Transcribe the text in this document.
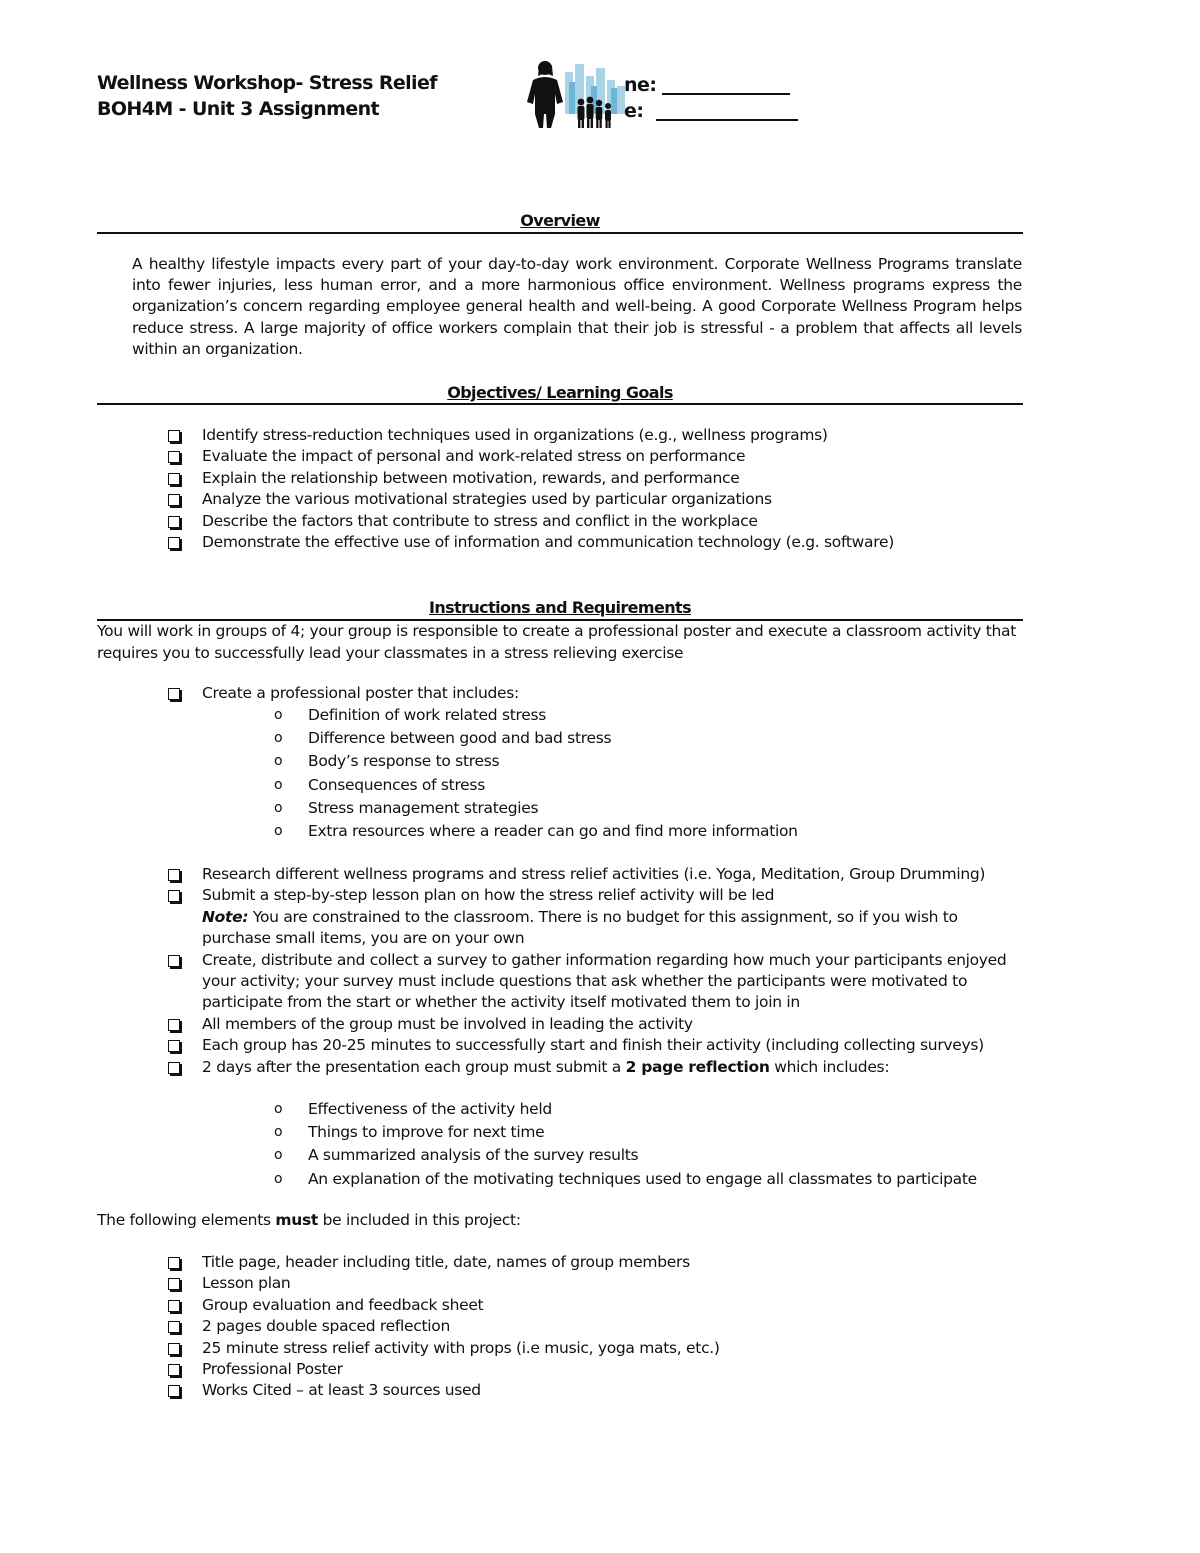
Wellness Workshop- Stress Relief
BOH4M - Unit 3 Assignment
ne:
e:
Overview
A healthy lifestyle impacts every part of your day-to-day work environment. Corporate Wellness Programs translate into fewer injuries, less human error, and a more harmonious office environment. Wellness programs express the organization’s concern regarding employee general health and well-being. A good Corporate Wellness Program helps reduce stress. A large majority of office workers complain that their job is stressful - a problem that affects all levels within an organization.
Objectives/ Learning Goals
Identify stress-reduction techniques used in organizations (e.g., wellness programs)
Evaluate the impact of personal and work-related stress on performance
Explain the relationship between motivation, rewards, and performance
Analyze the various motivational strategies used by particular organizations
Describe the factors that contribute to stress and conflict in the workplace
Demonstrate the effective use of information and communication technology (e.g. software)
Instructions and Requirements
You will work in groups of 4; your group is responsible to create a professional poster and execute a classroom activity that requires you to successfully lead your classmates in a stress relieving exercise
Create a professional poster that includes:
o Definition of work related stress
o Difference between good and bad stress
o Body’s response to stress
o Consequences of stress
o Stress management strategies
o Extra resources where a reader can go and find more information
Research different wellness programs and stress relief activities (i.e. Yoga, Meditation, Group Drumming)
Submit a step-by-step lesson plan on how the stress relief activity will be led
Note: You are constrained to the classroom. There is no budget for this assignment, so if you wish to purchase small items, you are on your own
Create, distribute and collect a survey to gather information regarding how much your participants enjoyed your activity; your survey must include questions that ask whether the participants were motivated to participate from the start or whether the activity itself motivated them to join in
All members of the group must be involved in leading the activity
Each group has 20-25 minutes to successfully start and finish their activity (including collecting surveys)
2 days after the presentation each group must submit a 2 page reflection which includes:
o Effectiveness of the activity held
o Things to improve for next time
o A summarized analysis of the survey results
o An explanation of the motivating techniques used to engage all classmates to participate
The following elements must be included in this project:
Title page, header including title, date, names of group members
Lesson plan
Group evaluation and feedback sheet
2 pages double spaced reflection
25 minute stress relief activity with props (i.e music, yoga mats, etc.)
Professional Poster
Works Cited – at least 3 sources used
